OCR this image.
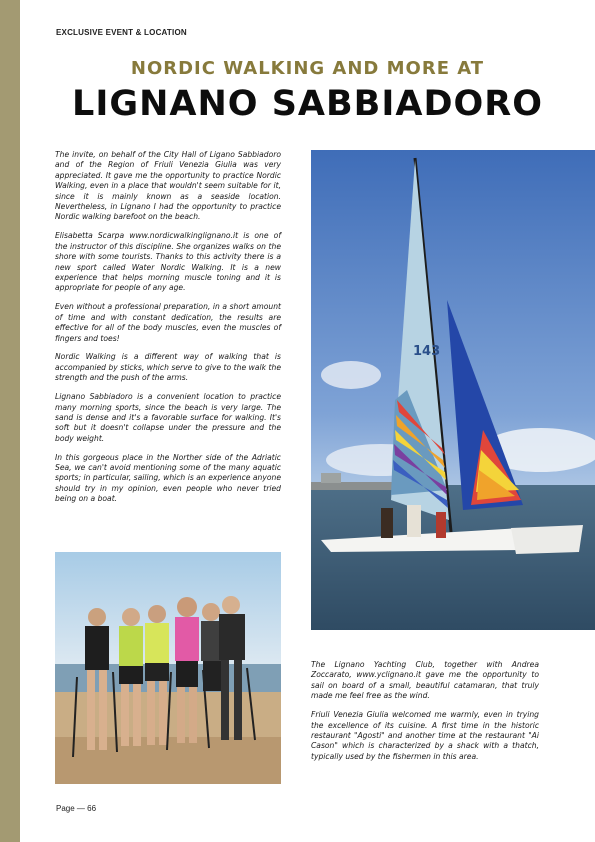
EXCLUSIVE EVENT & LOCATION
NORDIC WALKING AND MORE AT
LIGNANO SABBIADORO

The invite, on behalf of the City Hall of Ligano Sabbiadoro and of the Region of Friuli Venezia Giulia was very appreciated. It gave me the opportunity to practice Nordic Walking, even in a place that wouldn't seem suitable for it, since it is mainly known as a seaside location. Nevertheless, in Lignano I had the opportunity to practice Nordic walking barefoot on the beach.

Elisabetta Scarpa www.nordicwalkinglignano.it is one of the instructor of this discipline. She organizes walks on the shore with some tourists. Thanks to this activity there is a new sport called Water Nordic Walking. It is a new experience that helps morning muscle toning and it is appropriate for people of any age.

Even without a professional preparation, in a short amount of time and with constant dedication, the results are effective for all of the body muscles, even the muscles of fingers and toes!

Nordic Walking is a different way of walking that is accompanied by sticks, which serve to give to the walk the strength and the push of the arms.

Lignano Sabbiadoro is a convenient location to practice many morning sports, since the beach is very large. The sand is dense and it's a favorable surface for walking. It's soft but it doesn't collapse under the pressure and the body weight.

In this gorgeous place in the Norther side of the Adriatic Sea, we can't avoid mentioning some of the many aquatic sports; in particular, sailing, which is an experience anyone should try in my opinion, even people who never tried being on a boat.

143

The Lignano Yachting Club, together with Andrea Zoccarato, www.yclignano.it gave me the opportunity to sail on board of a small, beautiful catamaran, that truly made me feel free as the wind.

Friuli Venezia Giulia welcomed me warmly, even in trying the excellence of its cuisine. A first time in the historic restaurant "Agosti" and another time at the restaurant "Ai Cason" which is characterized by a shack with a thatch, typically used by the fishermen in this area.

Page — 66
